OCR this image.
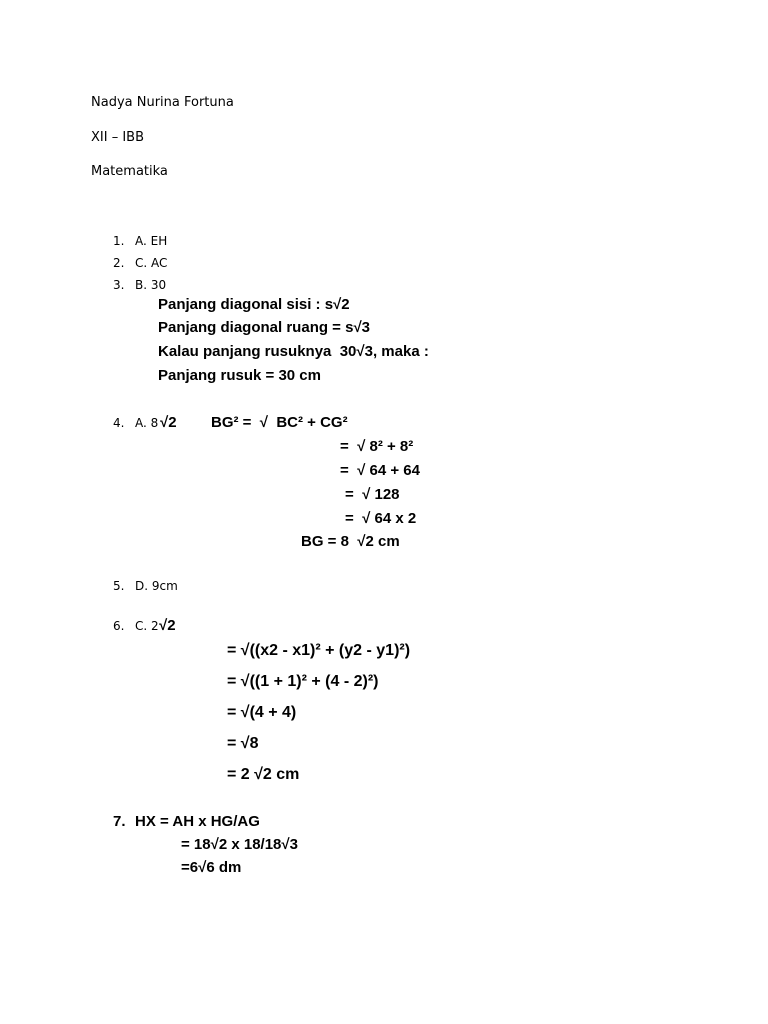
Nadya Nurina Fortuna
XII – IBB
Matematika
1. A. EH
2. C. AC
3. B. 30
Panjang diagonal sisi : s√2
Panjang diagonal ruang = s√3
Kalau panjang rusuknya  30√3, maka :
Panjang rusuk = 30 cm
4. A. 8 √2 BG² =  √  BC² + CG²
=  √ 8² + 8²
=  √ 64 + 64
=  √ 128
=  √ 64 x 2
BG = 8  √2 cm
5. D. 9cm
6. C. 2 √2
= √((x2 - x1)² + (y2 - y1)²)
= √((1 + 1)² + (4 - 2)²)
= √(4 + 4)
= √8
= 2 √2 cm
7. HX = AH x HG/AG
= 18√2 x 18/18√3
=6√6 dm
